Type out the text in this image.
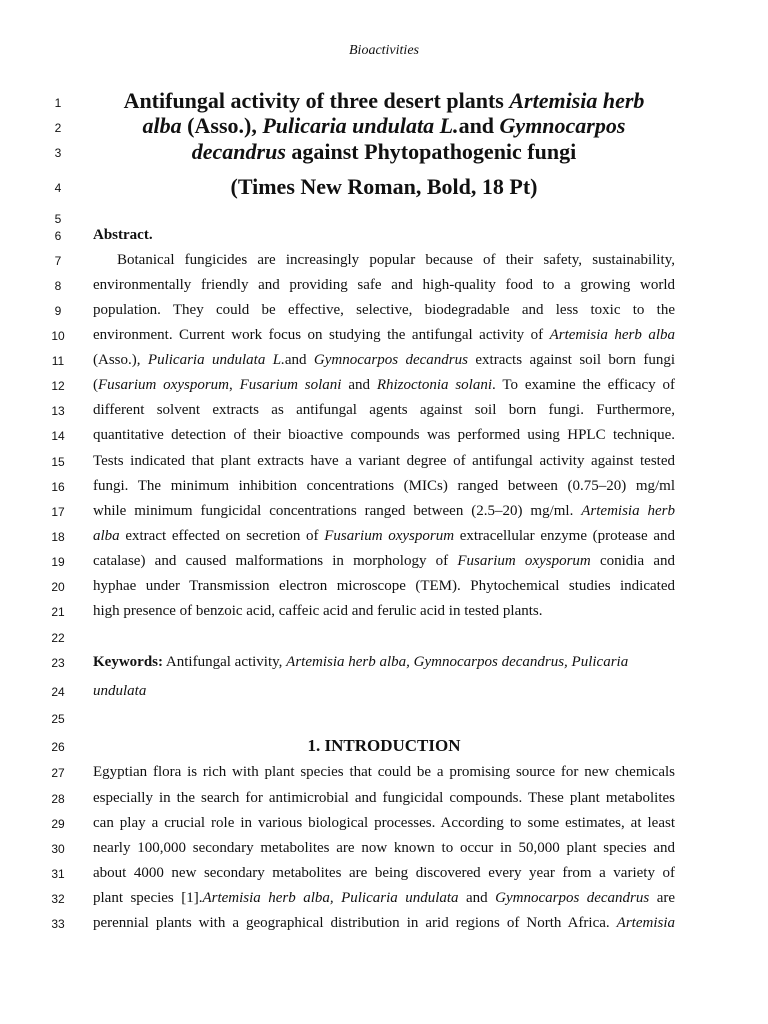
Bioactivities
1
2
3
4
5
6
7
8
9
10
11
12
13
14
15
16
17
18
19
20
21
22
23
24
25
26
27
28
29
30
31
32
33
Antifungal activity of three desert plants Artemisia herb
alba (Asso.), Pulicaria undulata L.and Gymnocarpos
decandrus against Phytopathogenic fungi
(Times New Roman, Bold, 18 Pt)
Abstract.
Botanical fungicides are increasingly popular because of their safety, sustainability,
environmentally friendly and providing safe and high-quality food to a growing world
population. They could be effective, selective, biodegradable and less toxic to the
environment. Current work focus on studying the antifungal activity of Artemisia herb alba
(Asso.), Pulicaria undulata L.and Gymnocarpos decandrus extracts against soil born fungi
(Fusarium oxysporum, Fusarium solani and Rhizoctonia solani. To examine the efficacy of
different solvent extracts as antifungal agents against soil born fungi. Furthermore,
quantitative detection of their bioactive compounds was performed using HPLC technique.
Tests indicated that plant extracts have a variant degree of antifungal activity against tested
fungi. The minimum inhibition concentrations (MICs) ranged between (0.75–20) mg/ml
while minimum fungicidal concentrations ranged between (2.5–20) mg/ml. Artemisia herb
alba extract effected on secretion of Fusarium oxysporum extracellular enzyme (protease and
catalase) and caused malformations in morphology of Fusarium oxysporum conidia and
hyphae under Transmission electron microscope (TEM). Phytochemical studies indicated
high presence of benzoic acid, caffeic acid and ferulic acid in tested plants.
Keywords: Antifungal activity, Artemisia herb alba, Gymnocarpos decandrus, Pulicaria
undulata
1. INTRODUCTION
Egyptian flora is rich with plant species that could be a promising source for new chemicals
especially in the search for antimicrobial and fungicidal compounds. These plant metabolites
can play a crucial role in various biological processes. According to some estimates, at least
nearly 100,000 secondary metabolites are now known to occur in 50,000 plant species and
about 4000 new secondary metabolites are being discovered every year from a variety of
plant species [1].Artemisia herb alba, Pulicaria undulata and Gymnocarpos decandrus are
perennial plants with a geographical distribution in arid regions of North Africa. Artemisia
